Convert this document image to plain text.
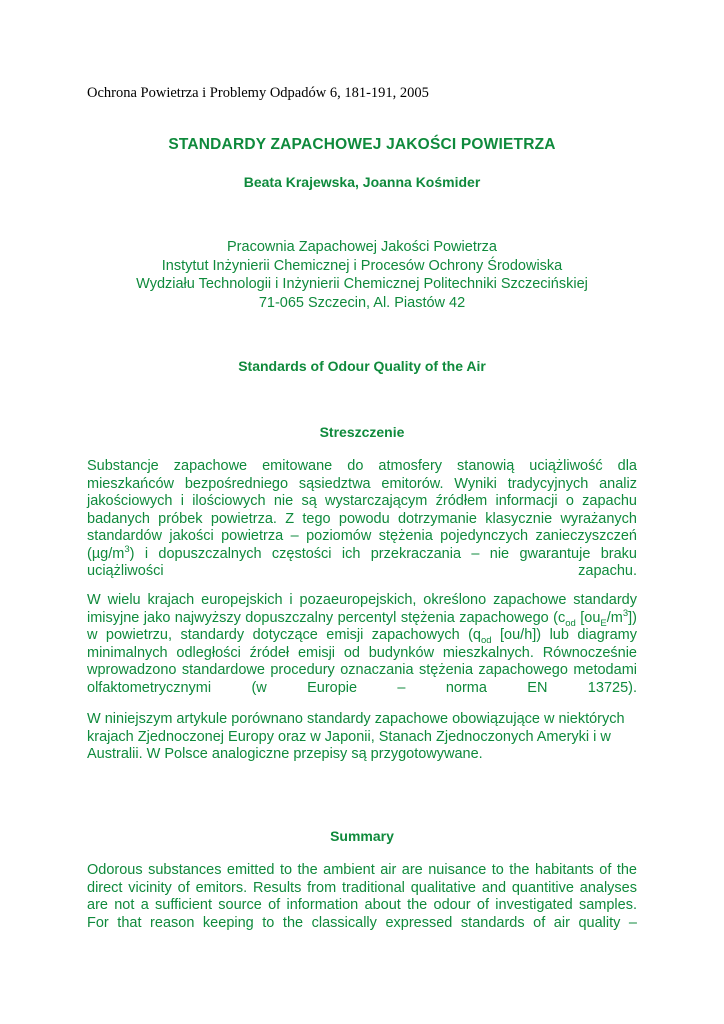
Ochrona Powietrza i Problemy Odpadów 6, 181-191, 2005
STANDARDY ZAPACHOWEJ JAKOŚCI POWIETRZA
Beata Krajewska, Joanna Kośmider
Pracownia Zapachowej Jakości Powietrza
Instytut Inżynierii Chemicznej i Procesów Ochrony Środowiska
Wydziału Technologii i Inżynierii Chemicznej Politechniki Szczecińskiej
71-065 Szczecin, Al. Piastów 42
Standards of Odour Quality of the Air
Streszczenie
Substancje zapachowe emitowane do atmosfery stanowią uciążliwość dla
mieszkańców bezpośredniego sąsiedztwa emitorów. Wyniki tradycyjnych analiz
jakościowych i ilościowych nie są wystarczającym źródłem informacji o zapachu
badanych próbek powietrza. Z tego powodu dotrzymanie klasycznie wyrażanych
standardów jakości powietrza – poziomów stężenia pojedynczych zanieczyszczeń
$(\mu g/m^3)$ i dopuszczalnych częstości ich przekraczania – nie gwarantuje braku
uciążliwości zapachu.
W wielu krajach europejskich i pozaeuropejskich, określono zapachowe standardy
imisyjne jako najwyższy dopuszczalny percentyl stężenia zapachowego ($c_{od}$ $[ou_E/m^3]$)
w powietrzu, standardy dotyczące emisji zapachowych ($q_{od}$ [ou/h]) lub diagramy
minimalnych odległości źródeł emisji od budynków mieszkalnych. Równocześnie
wprowadzono standardowe procedury oznaczania stężenia zapachowego metodami
olfaktometrycznymi (w Europie – norma EN 13725).
W niniejszym artykule porównano standardy zapachowe obowiązujące w niektórych
krajach Zjednoczonej Europy oraz w Japonii, Stanach Zjednoczonych Ameryki i w
Australii. W Polsce analogiczne przepisy są przygotowywane.
Summary
Odorous substances emitted to the ambient air are nuisance to the habitants of the
direct vicinity of emitors. Results from traditional qualitative and quantitive analyses
are not a sufficient source of information about the odour of investigated samples.
For that reason keeping to the classically expressed standards of air quality –
